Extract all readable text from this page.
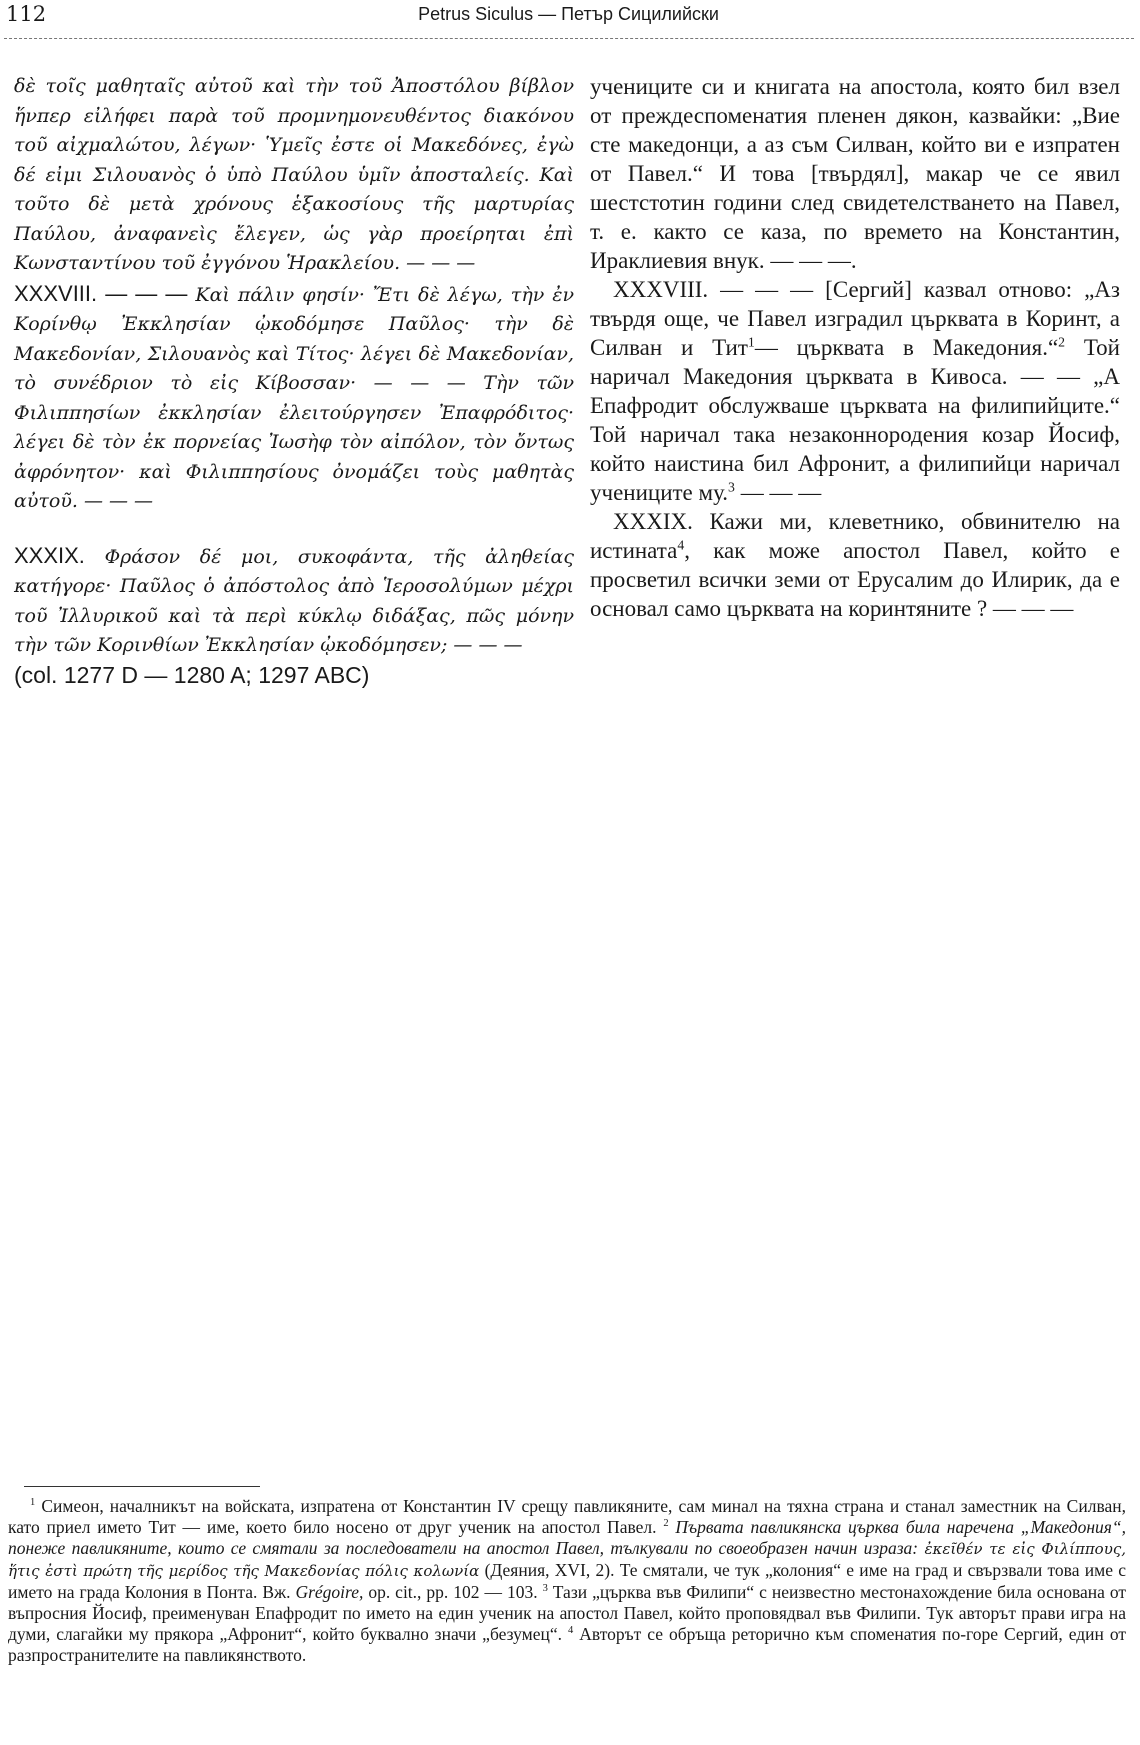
112	Petrus Siculus — Петър Сицилийски

δὲ τοῖς μαθηταῖς αὐτοῦ καὶ τὴν τοῦ Ἀποστόλου βίβλον ἥνπερ εἰλήφει παρὰ τοῦ προμνημονευθέντος διακόνου τοῦ αἰχμαλώτου, λέγων· Ὑμεῖς ἐστε οἱ Μακεδόνες, ἐγὼ δέ εἰμι Σιλουανὸς ὁ ὑπὸ Παύλου ὑμῖν ἀποσταλείς. Καὶ τοῦτο δὲ μετὰ χρόνους ἑξακοσίους τῆς μαρτυρίας Παύλου, ἀναφανεὶς ἔλεγεν, ὡς γὰρ προείρηται ἐπὶ Κωνσταντίνου τοῦ ἐγγόνου Ἡρακλείου. — — —

XXXVIII. — — — Καὶ πάλιν φησίν· Ἔτι δὲ λέγω, τὴν ἐν Κορίνθῳ Ἐκκλησίαν ᾠκοδόμησε Παῦλος· τὴν δὲ Μακεδονίαν, Σιλουανὸς καὶ Τίτος· λέγει δὲ Μακεδονίαν, τὸ συνέδριον τὸ εἰς Κίβοσσαν· — — — Τὴν τῶν Φιλιππησίων ἐκκλησίαν ἐλειτούργησεν Ἐπαφρόδιτος· λέγει δὲ τὸν ἐκ πορνείας Ἰωσὴφ τὸν αἰπόλον, τὸν ὄντως ἀφρόνητον· καὶ Φιλιππησίους ὀνομάζει τοὺς μαθητὰς αὐτοῦ. — — —

XXXIX. Φράσον δέ μοι, συκοφάντα, τῆς ἀληθείας κατήγορε· Παῦλος ὁ ἀπόστολος ἀπὸ Ἱεροσολύμων μέχρι τοῦ Ἰλλυρικοῦ καὶ τὰ περὶ κύκλῳ διδάξας, πῶς μόνην τὴν τῶν Κορινθίων Ἐκκλησίαν ᾠκοδόμησεν; — — —

(col. 1277 D — 1280 A; 1297 ABC)

учениците си и книгата на апостола, която бил взел от преждеспоменатия пленен дякон, казвайки: „Вие сте македонци, а аз съм Силван, който ви е изпратен от Павел.“ И това [твърдял], макар че се явил шестстотин години след свидетелстването на Павел, т. е. както се каза, по времето на Константин, Ираклиевия внук. — — —.

 XXXVIII. — — — [Сергий] казвал отново: „Аз твърдя още, че Павел изградил църквата в Коринт, а Силван и Тит$^1$— църквата в Македония.“$^2$ Той наричал Македония църквата в Кивоса. — — „А Епафродит обслужваше църквата на филипийците.“ Той наричал така незаконнородения козар Йосиф, който наистина бил Афронит, а филипийци наричал учениците му.$^3$ — — —

 XXXIX. Кажи ми, клеветнико, обвинителю на истината$^4$, как може апостол Павел, който е просветил всички земи от Ерусалим до Илирик, да е основал само църквата на коринтяните ? — — —

$^1$ Симеон, началникът на войската, изпратена от Константин IV срещу павликяните, сам минал на тяхна страна и станал заместник на Силван, като приел името Тит — име, което било носено от друг ученик на апостол Павел. $^2$ Първата павликянска църква била наречена „Македония“, понеже павликяните, които се смятали за последователи на апостол Павел, тълкували по своеобразен начин израза: ἐκεῖθέν τε εἰς Φιλίππους, ἥτις ἐστὶ πρώτη τῆς μερίδος τῆς Μακεδονίας πόλις κολωνία (Деяния, XVI, 2). Те смятали, че тук „колония“ е име на град и свързвали това име с името на града Колония в Понта. Вж. Grégoire, op. cit., pp. 102 — 103. $^3$ Тази „църква във Филипи“ с неизвестно местонахождение била основана от въпросния Йосиф, преименуван Епафродит по името на един ученик на апостол Павел, който проповядвал във Филипи. Тук авторът прави игра на думи, слагайки му прякора „Афронит“, който буквално значи „безумец“. $^4$ Авторът се обръща реторично към споменатия по-горе Сергий, един от разпространителите на павликянството.
